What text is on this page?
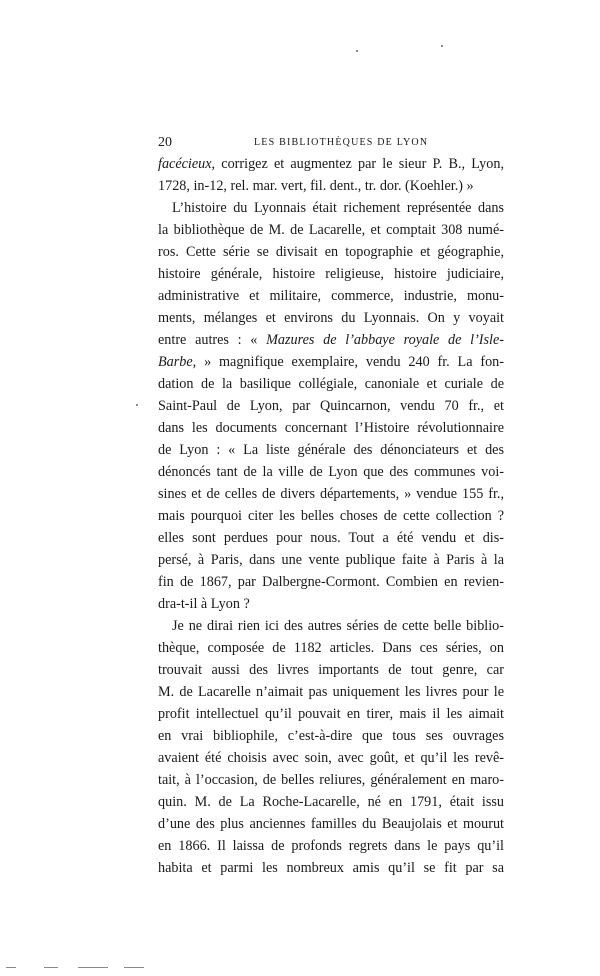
20	LES BIBLIOTHÈQUES DE LYON
facécieux, corrigez et augmentez par le sieur P. B., Lyon,
1728, in-12, rel. mar. vert, fil. dent., tr. dor. (Koehler.) »
L’histoire du Lyonnais était richement représentée dans
la bibliothèque de M. de Lacarelle, et comptait 308 numé-
ros. Cette série se divisait en topographie et géographie,
histoire générale, histoire religieuse, histoire judiciaire,
administrative et militaire, commerce, industrie, monu-
ments, mélanges et environs du Lyonnais. On y voyait
entre autres : « Mazures de l’abbaye royale de l’Isle-
Barbe, » magnifique exemplaire, vendu 240 fr. La fon-
dation de la basilique collégiale, canoniale et curiale de
Saint-Paul de Lyon, par Quincarnon, vendu 70 fr., et
dans les documents concernant l’Histoire révolutionnaire
de Lyon : « La liste générale des dénonciateurs et des
dénoncés tant de la ville de Lyon que des communes voi-
sines et de celles de divers départements, » vendue 155 fr.,
mais pourquoi citer les belles choses de cette collection ?
elles sont perdues pour nous. Tout a été vendu et dis-
persé, à Paris, dans une vente publique faite à Paris à la
fin de 1867, par Dalbergne-Cormont. Combien en revien-
dra-t-il à Lyon ?
Je ne dirai rien ici des autres séries de cette belle biblio-
thèque, composée de 1182 articles. Dans ces séries, on
trouvait aussi des livres importants de tout genre, car
M. de Lacarelle n’aimait pas uniquement les livres pour le
profit intellectuel qu’il pouvait en tirer, mais il les aimait
en vrai bibliophile, c’est-à-dire que tous ses ouvrages
avaient été choisis avec soin, avec goût, et qu’il les revê-
tait, à l’occasion, de belles reliures, généralement en maro-
quin. M. de La Roche-Lacarelle, né en 1791, était issu
d’une des plus anciennes familles du Beaujolais et mourut
en 1866. Il laissa de profonds regrets dans le pays qu’il
habita et parmi les nombreux amis qu’il se fit par sa
